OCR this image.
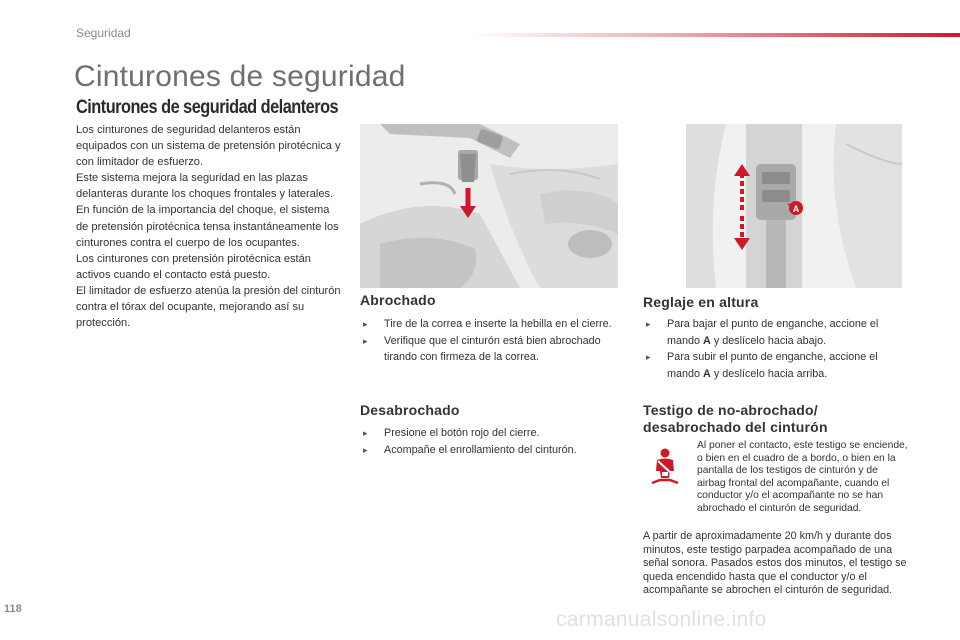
Seguridad
Cinturones de seguridad
Cinturones de seguridad delanteros

Los cinturones de seguridad delanteros están equipados con un sistema de pretensión pirotécnica y con limitador de esfuerzo.

Este sistema mejora la seguridad en las plazas delanteras durante los choques frontales y laterales. En función de la importancia del choque, el sistema de pretensión pirotécnica tensa instantáneamente los cinturones contra el cuerpo de los ocupantes.

Los cinturones con pretensión pirotécnica están activos cuando el contacto está puesto.

El limitador de esfuerzo atenúa la presión del cinturón contra el tórax del ocupante, mejorando así su protección.

A
Abrochado
▸ Tire de la correa e inserte la hebilla en el cierre.
▸ Verifique que el cinturón está bien abrochado tirando con firmeza de la correa.
Desabrochado
▸ Presione el botón rojo del cierre.
▸ Acompañe el enrollamiento del cinturón.
Reglaje en altura
▸ Para bajar el punto de enganche, accione el mando A y deslícelo hacia abajo.
▸ Para subir el punto de enganche, accione el mando A y deslícelo hacia arriba.
Testigo de no-abrochado/ desabrochado del cinturón
Al poner el contacto, este testigo se enciende, o bien en el cuadro de a bordo, o bien en la pantalla de los testigos de cinturón y de airbag frontal del acompañante, cuando el conductor y/o el acompañante no se han abrochado el cinturón de seguridad.
A partir de aproximadamente 20 km/h y durante dos minutos, este testigo parpadea acompañado de una señal sonora. Pasados estos dos minutos, el testigo se queda encendido hasta que el conductor y/o el acompañante se abrochen el cinturón de seguridad.
118	carmanualsonline.info
